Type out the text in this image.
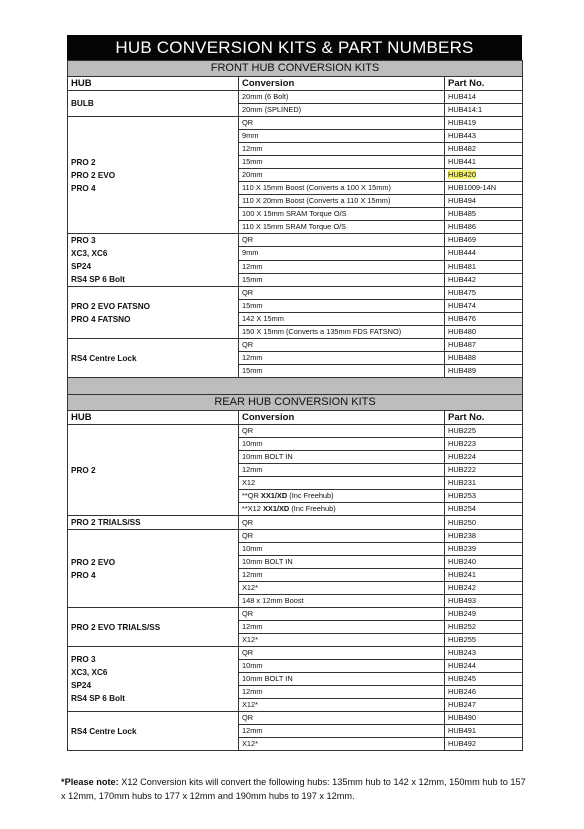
HUB CONVERSION KITS & PART NUMBERS
FRONT HUB CONVERSION KITS		
HUB	Conversion	Part No.

BULB	20mm (6 Bolt)	HUB414
	20mm (SPLINED)	HUB414:1

PRO 2
PRO 2 EVO
PRO 4	QR	HUB419
	9mm	HUB443
	12mm	HUB482
	15mm	HUB441
	20mm	HUB420
	110 X 15mm Boost (Converts a 100 X 15mm)	HUB1009-14N
	110 X 20mm Boost (Converts a 110 X 15mm)	HUB494
	100 X 15mm SRAM Torque O/S	HUB485
	110 X 15mm SRAM Torque O/S	HUB486

PRO 3
XC3, XC6
SP24
RS4 SP 6 Bolt	QR	HUB469
	9mm	HUB444
	12mm	HUB481
	15mm	HUB442

PRO 2 EVO FATSNO
PRO 4 FATSNO	QR	HUB475
	15mm	HUB474
	142 X 15mm	HUB476
	150 X 15mm (Converts a 135mm FDS FATSNO)	HUB480

RS4 Centre Lock	QR	HUB487
	12mm	HUB488
	15mm	HUB489

REAR HUB CONVERSION KITS		
HUB	Conversion	Part No.

PRO 2	QR	HUB225
	10mm	HUB223
	10mm BOLT IN	HUB224
	12mm	HUB222
	X12	HUB231
	**QR XX1/XD (Inc Freehub)	HUB253
	**X12 XX1/XD (Inc Freehub)	HUB254

PRO 2 TRIALS/SS	QR	HUB250

PRO 2 EVO
PRO 4	QR	HUB238
	10mm	HUB239
	10mm BOLT IN	HUB240
	12mm	HUB241
	X12*	HUB242
	148 x 12mm Boost	HUB493

PRO 2 EVO TRIALS/SS	QR	HUB249
	12mm	HUB252
	X12*	HUB255

PRO 3
XC3, XC6
SP24
RS4 SP 6 Bolt	QR	HUB243
	10mm	HUB244
	10mm BOLT IN	HUB245
	12mm	HUB246
	X12*	HUB247

RS4 Centre Lock	QR	HUB490
	12mm	HUB491
	X12*	HUB492
*Please note: X12 Conversion kits will convert the following hubs: 135mm hub to 142 x 12mm, 150mm hub to 157 x 12mm, 170mm hubs to 177 x 12mm and 190mm hubs to 197 x 12mm.
